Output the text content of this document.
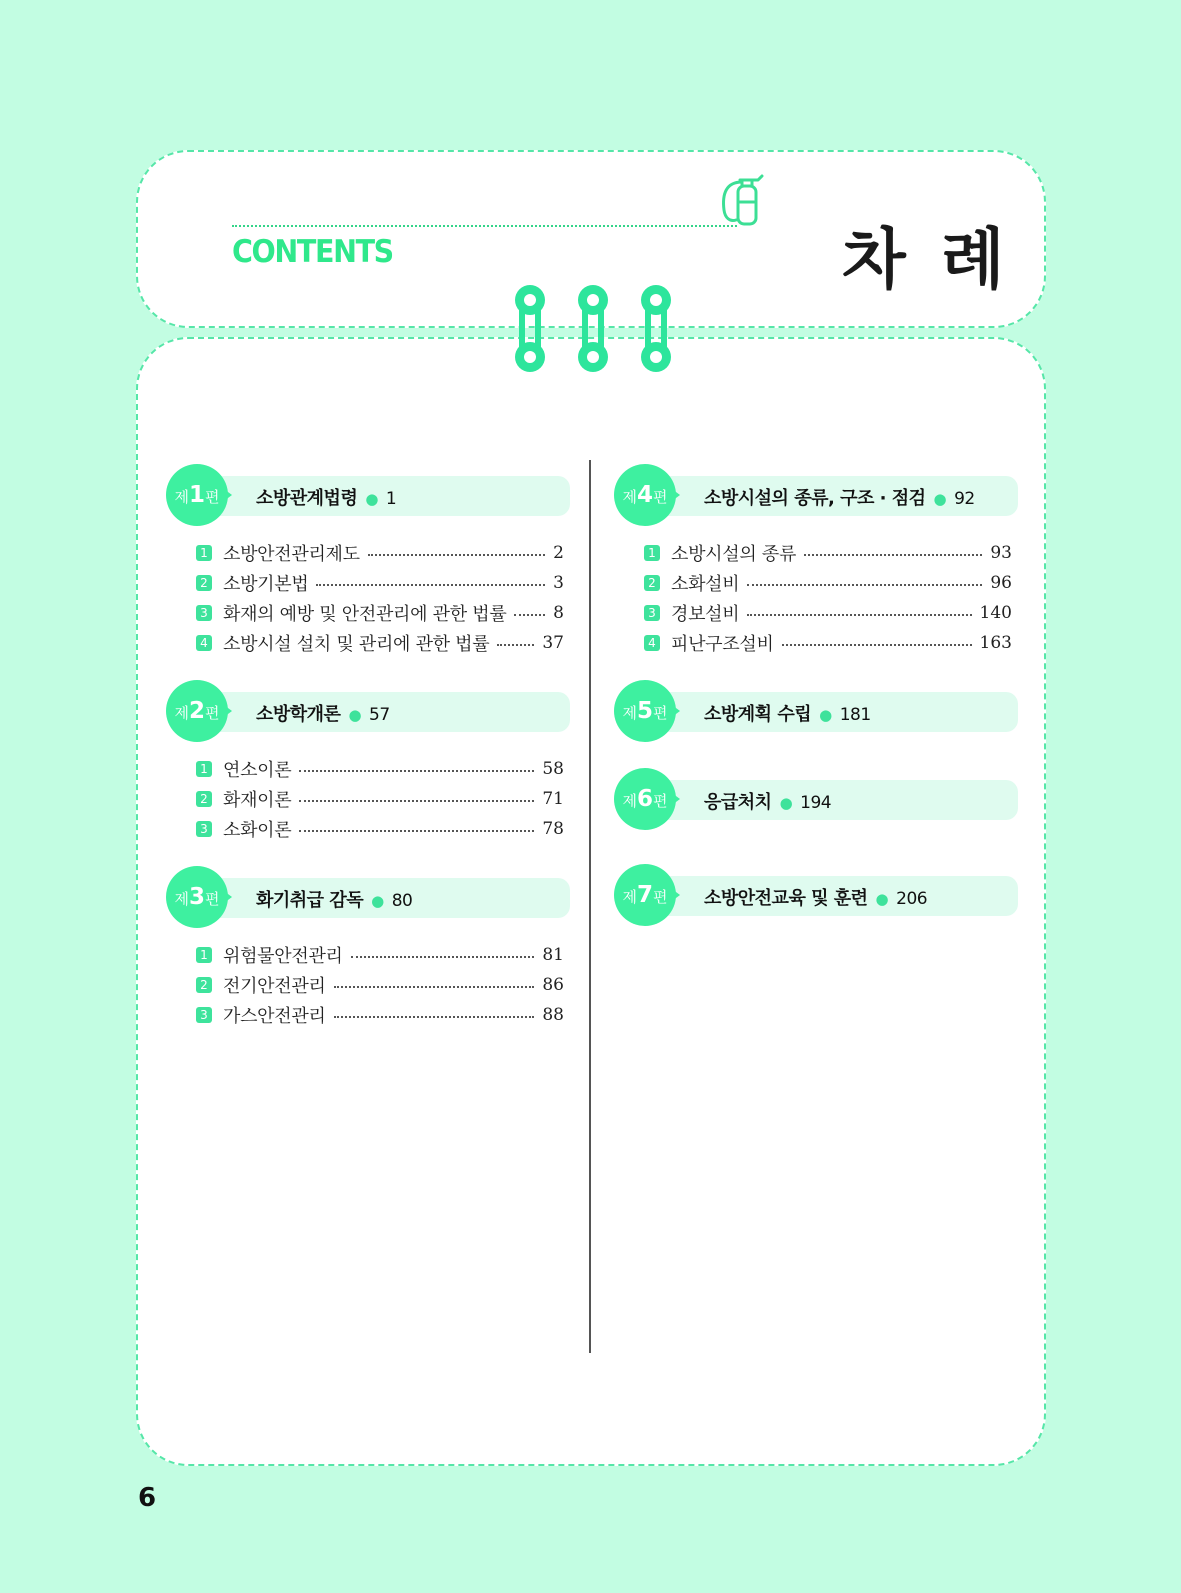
CONTENTS	차 례
제1편	소방관계법령 ● 1
1 소방안전관리제도	2
2 소방기본법	3
3 화재의 예방 및 안전관리에 관한 법률	8
4 소방시설 설치 및 관리에 관한 법률	37
제2편	소방학개론 ● 57
1 연소이론	58
2 화재이론	71
3 소화이론	78
제3편	화기취급 감독 ● 80
1 위험물안전관리	81
2 전기안전관리	86
3 가스안전관리	88
제4편	소방시설의 종류, 구조 · 점검 ● 92
1 소방시설의 종류	93
2 소화설비	96
3 경보설비	140
4 피난구조설비	163
제5편	소방계획 수립 ● 181
제6편	응급처치 ● 194
제7편	소방안전교육 및 훈련 ● 206
6
